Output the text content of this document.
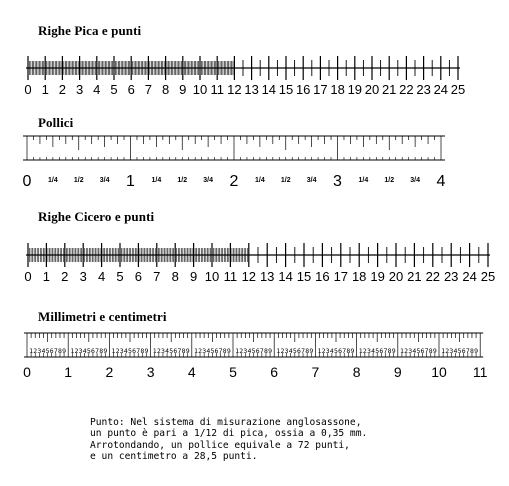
Righe Pica e punti
0 1 2 3 4 5 6 7 8 9 10 11 12 13 14 15 16 17 18 19 20 21 22 23 24 25
Pollici
1/4 1/2 3/4	1/4 1/2 3/4	1/4 1/2 3/4	1/4 1/2 3/4
0	1	2	3	4
Righe Cicero e punti
0 1 2 3 4 5 6 7 8 9 10 11 12 13 14 15 16 17 18 19 20 21 22 23 24 25
Millimetri e centimetri
1 2 3 4 5 6 7 8 9 1 2 3 4 5 6 7 8 9 1 2 3 4 5 6 7 8 9 1 2 3 4 5 6 7 8 9 1 2 3 4 5 6 7 8 9 1 2 3 4 5 6 7 8 9 1 2 3 4 5 6 7 8 9 1 2 3 4 5 6 7 8 9 1 2 3 4 5 6 7 8 9 1 2 3 4 5 6 7 8 9 1 2 3 4 5 6 7 8 9
0 1 2 3 4 5 6 7 8 9 10 11

Punto: Nel sistema di misurazione anglosassone,
un punto è pari a 1/12 di pica, ossia a 0,35 mm.
Arrotondando, un pollice equivale a 72 punti,
e un centimetro a 28,5 punti.
